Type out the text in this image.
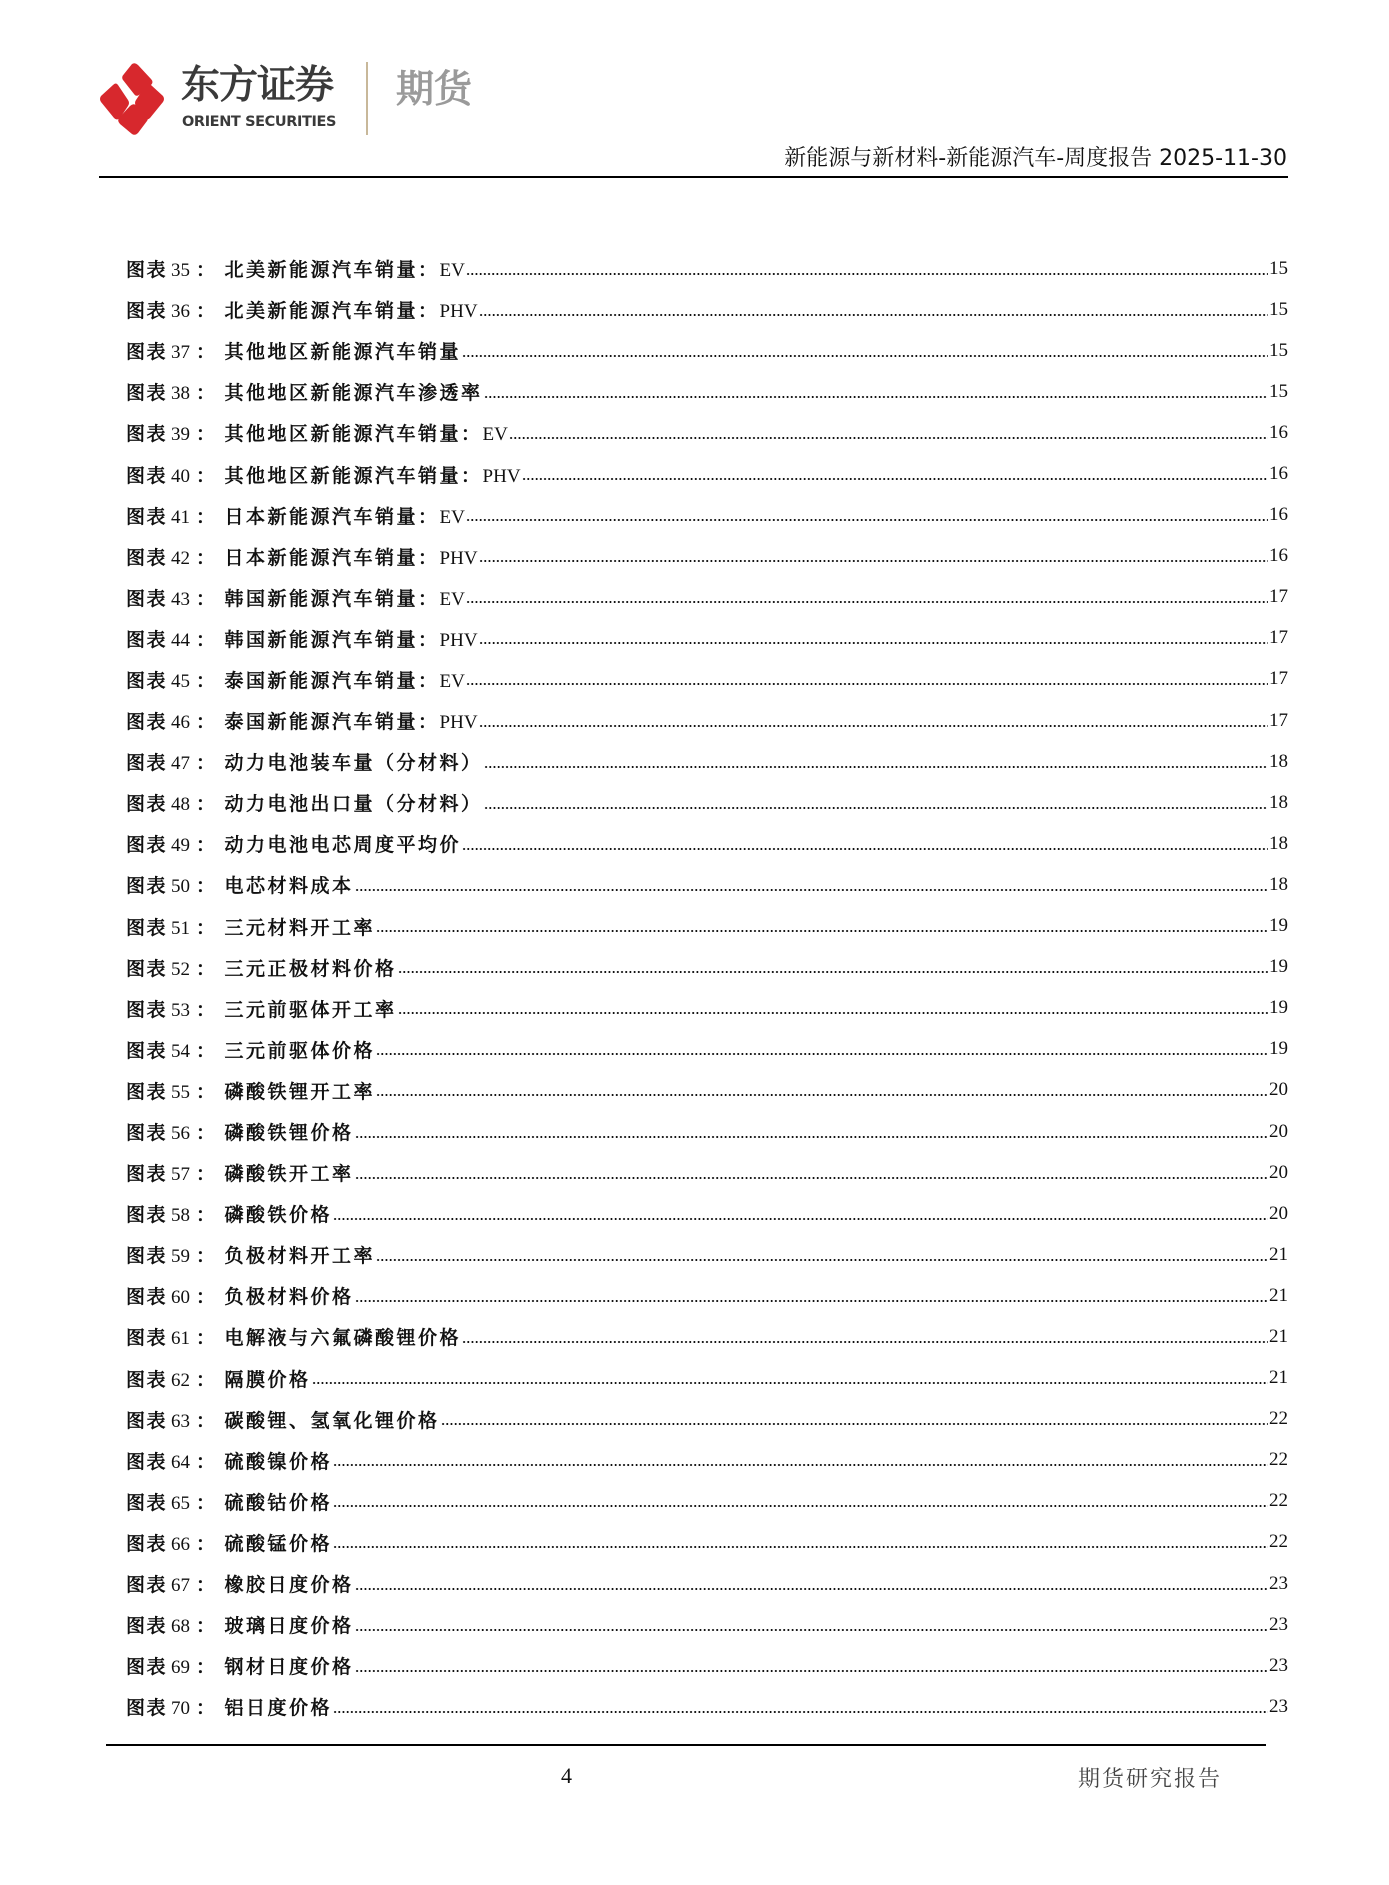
东方证券
ORIENT SECURITIES
期货
新能源与新材料-新能源汽车-周度报告 2025-11-30
图表 35 ： 北美新能源汽车销量：EV	15
图表 36 ： 北美新能源汽车销量：PHV	15
图表 37 ： 其他地区新能源汽车销量	15
图表 38 ： 其他地区新能源汽车渗透率	15
图表 39 ： 其他地区新能源汽车销量：EV	16
图表 40 ： 其他地区新能源汽车销量：PHV	16
图表 41 ： 日本新能源汽车销量：EV	16
图表 42 ： 日本新能源汽车销量：PHV	16
图表 43 ： 韩国新能源汽车销量：EV	17
图表 44 ： 韩国新能源汽车销量：PHV	17
图表 45 ： 泰国新能源汽车销量：EV	17
图表 46 ： 泰国新能源汽车销量：PHV	17
图表 47 ： 动力电池装车量（分材料）	18
图表 48 ： 动力电池出口量（分材料）	18
图表 49 ： 动力电池电芯周度平均价	18
图表 50 ： 电芯材料成本	18
图表 51 ： 三元材料开工率	19
图表 52 ： 三元正极材料价格	19
图表 53 ： 三元前驱体开工率	19
图表 54 ： 三元前驱体价格	19
图表 55 ： 磷酸铁锂开工率	20
图表 56 ： 磷酸铁锂价格	20
图表 57 ： 磷酸铁开工率	20
图表 58 ： 磷酸铁价格	20
图表 59 ： 负极材料开工率	21
图表 60 ： 负极材料价格	21
图表 61 ： 电解液与六氟磷酸锂价格	21
图表 62 ： 隔膜价格	21
图表 63 ： 碳酸锂、氢氧化锂价格	22
图表 64 ： 硫酸镍价格	22
图表 65 ： 硫酸钴价格	22
图表 66 ： 硫酸锰价格	22
图表 67 ： 橡胶日度价格	23
图表 68 ： 玻璃日度价格	23
图表 69 ： 钢材日度价格	23
图表 70 ： 铝日度价格	23
4	期货研究报告
